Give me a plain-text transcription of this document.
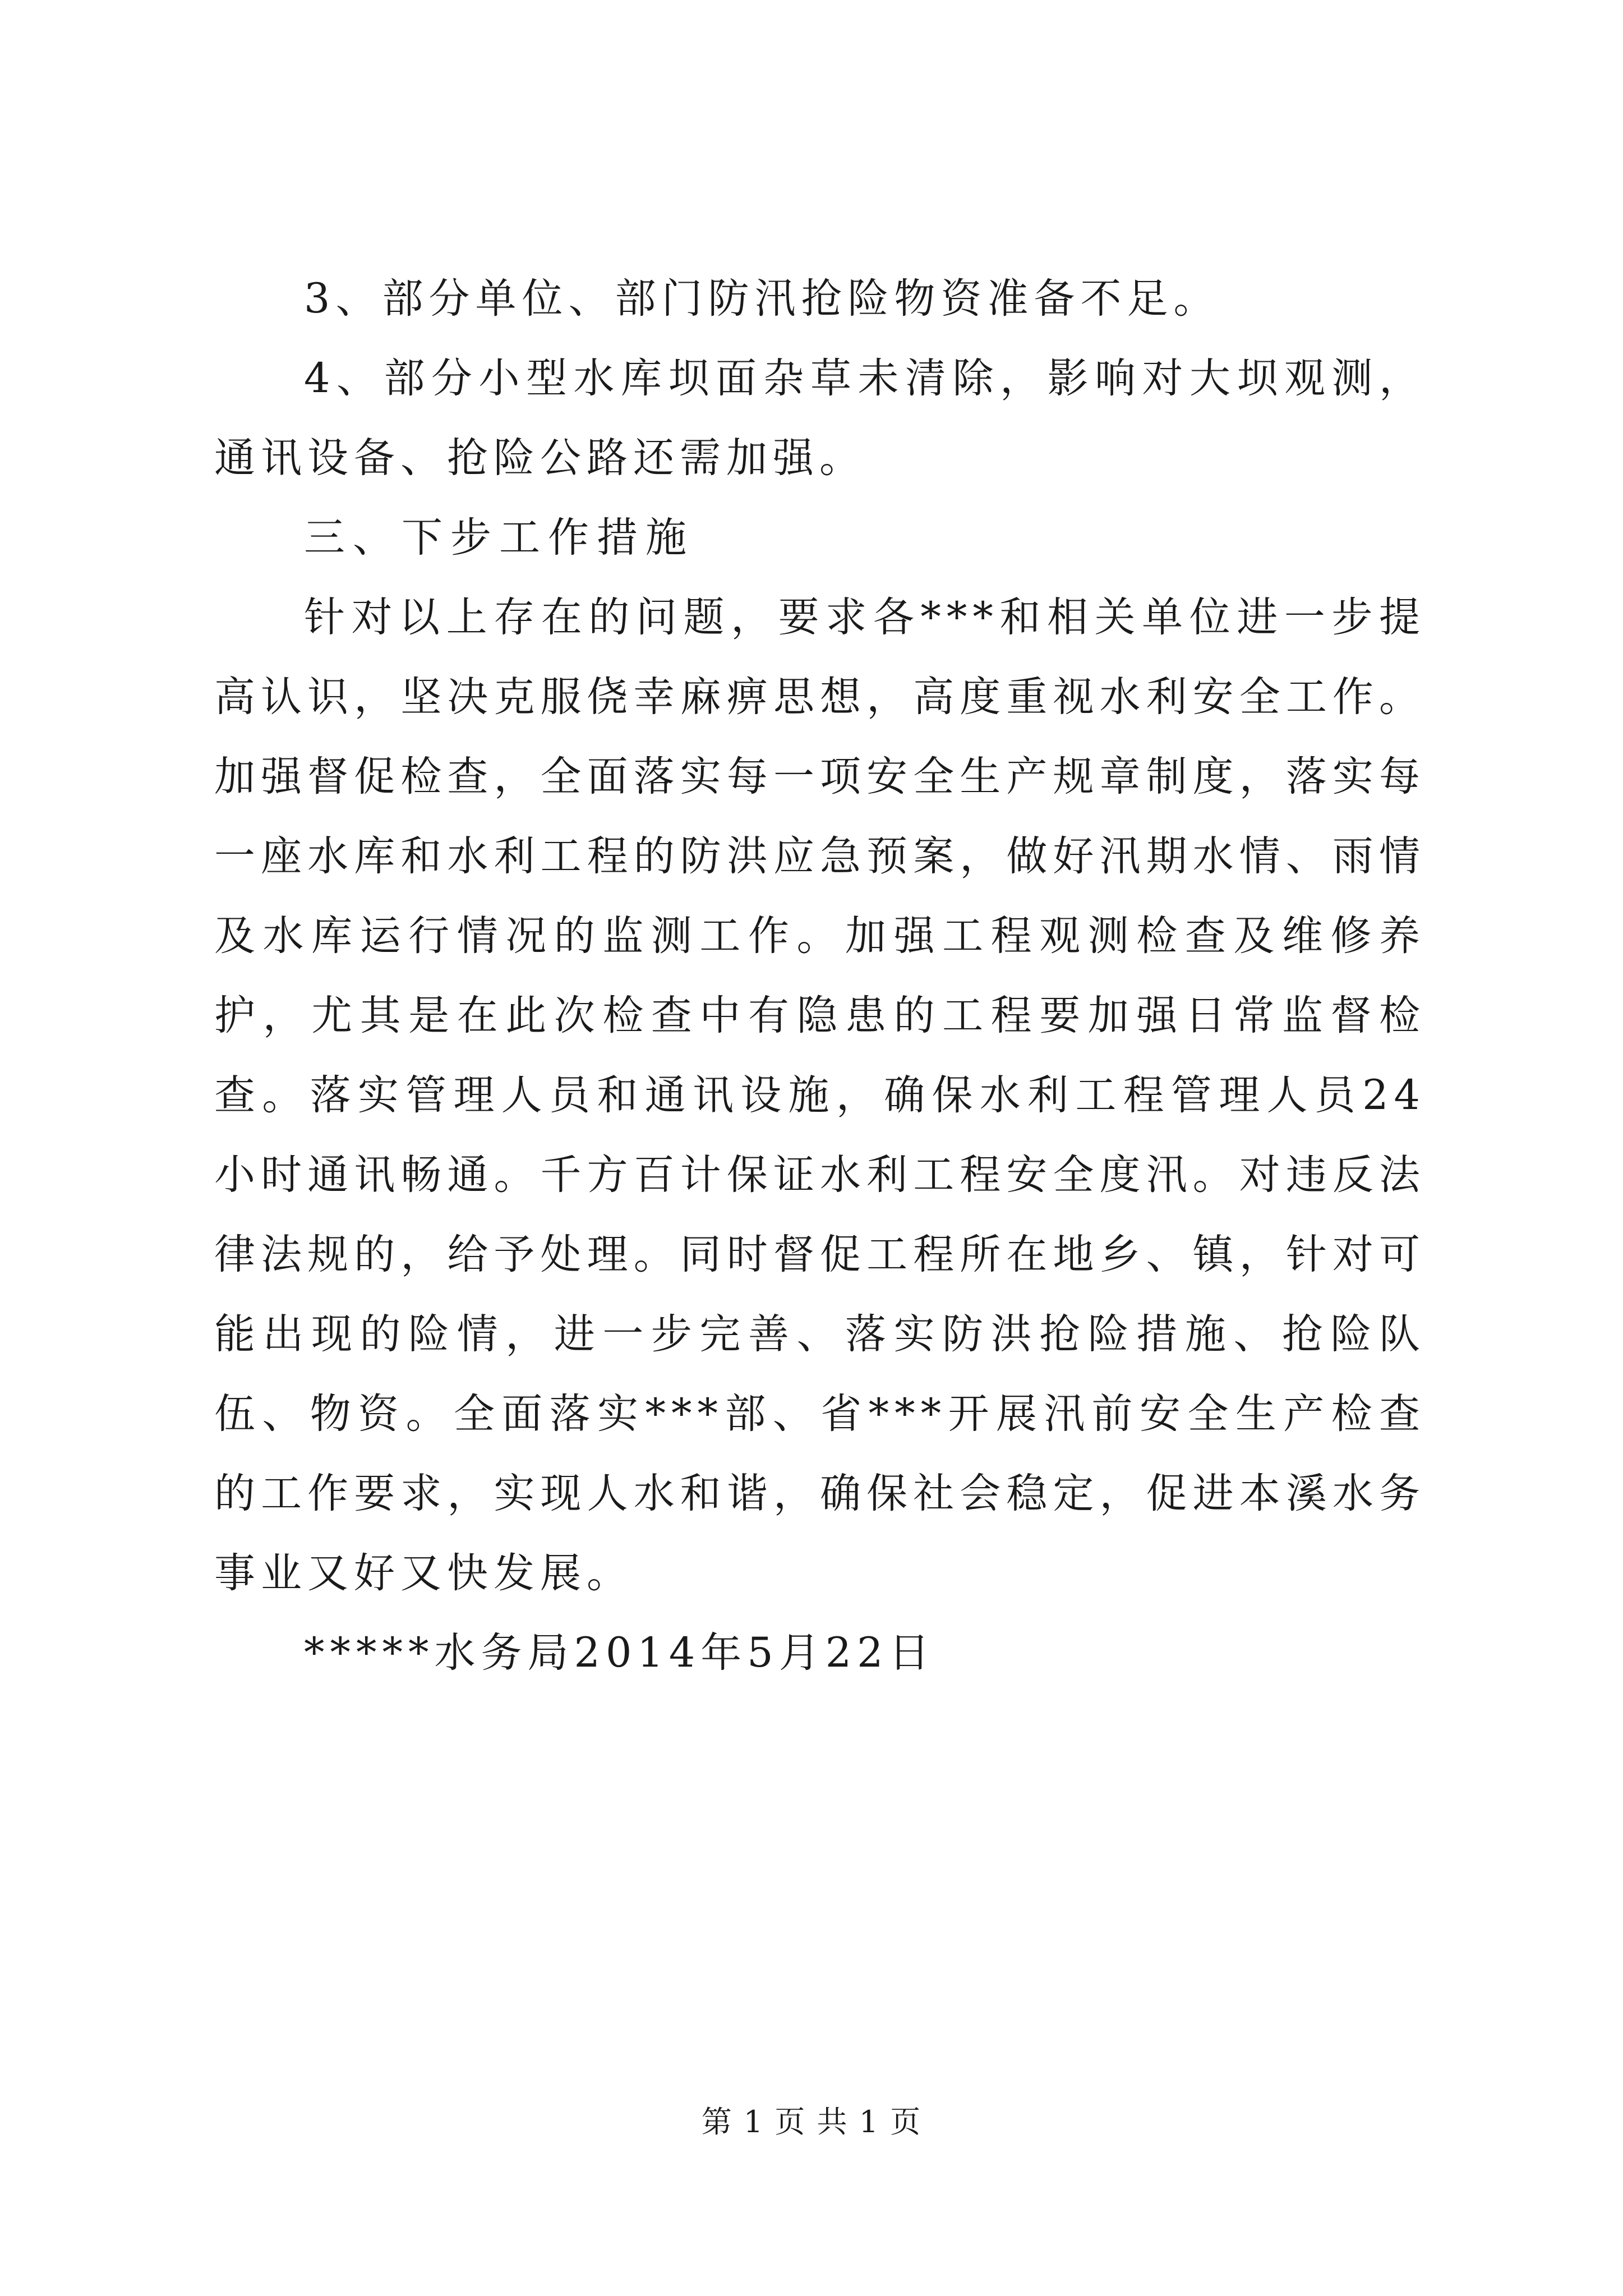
3、部分单位、部门防汛抢险物资准备不足。

4、部分小型水库坝面杂草未清除，影响对大坝观测，通讯设备、抢险公路还需加强。

三、下步工作措施

针对以上存在的问题，要求各***和相关单位进一步提高认识，坚决克服侥幸麻痹思想，高度重视水利安全工作。加强督促检查，全面落实每一项安全生产规章制度，落实每一座水库和水利工程的防洪应急预案，做好汛期水情、雨情及水库运行情况的监测工作。加强工程观测检查及维修养护，尤其是在此次检查中有隐患的工程要加强日常监督检查。落实管理人员和通讯设施，确保水利工程管理人员24小时通讯畅通。千方百计保证水利工程安全度汛。对违反法律法规的，给予处理。同时督促工程所在地乡、镇，针对可能出现的险情，进一步完善、落实防洪抢险措施、抢险队伍、物资。全面落实***部、省***开展汛前安全生产检查的工作要求，实现人水和谐，确保社会稳定，促进本溪水务事业又好又快发展。

*****水务局2014年5月22日

第 1 页 共 1 页
